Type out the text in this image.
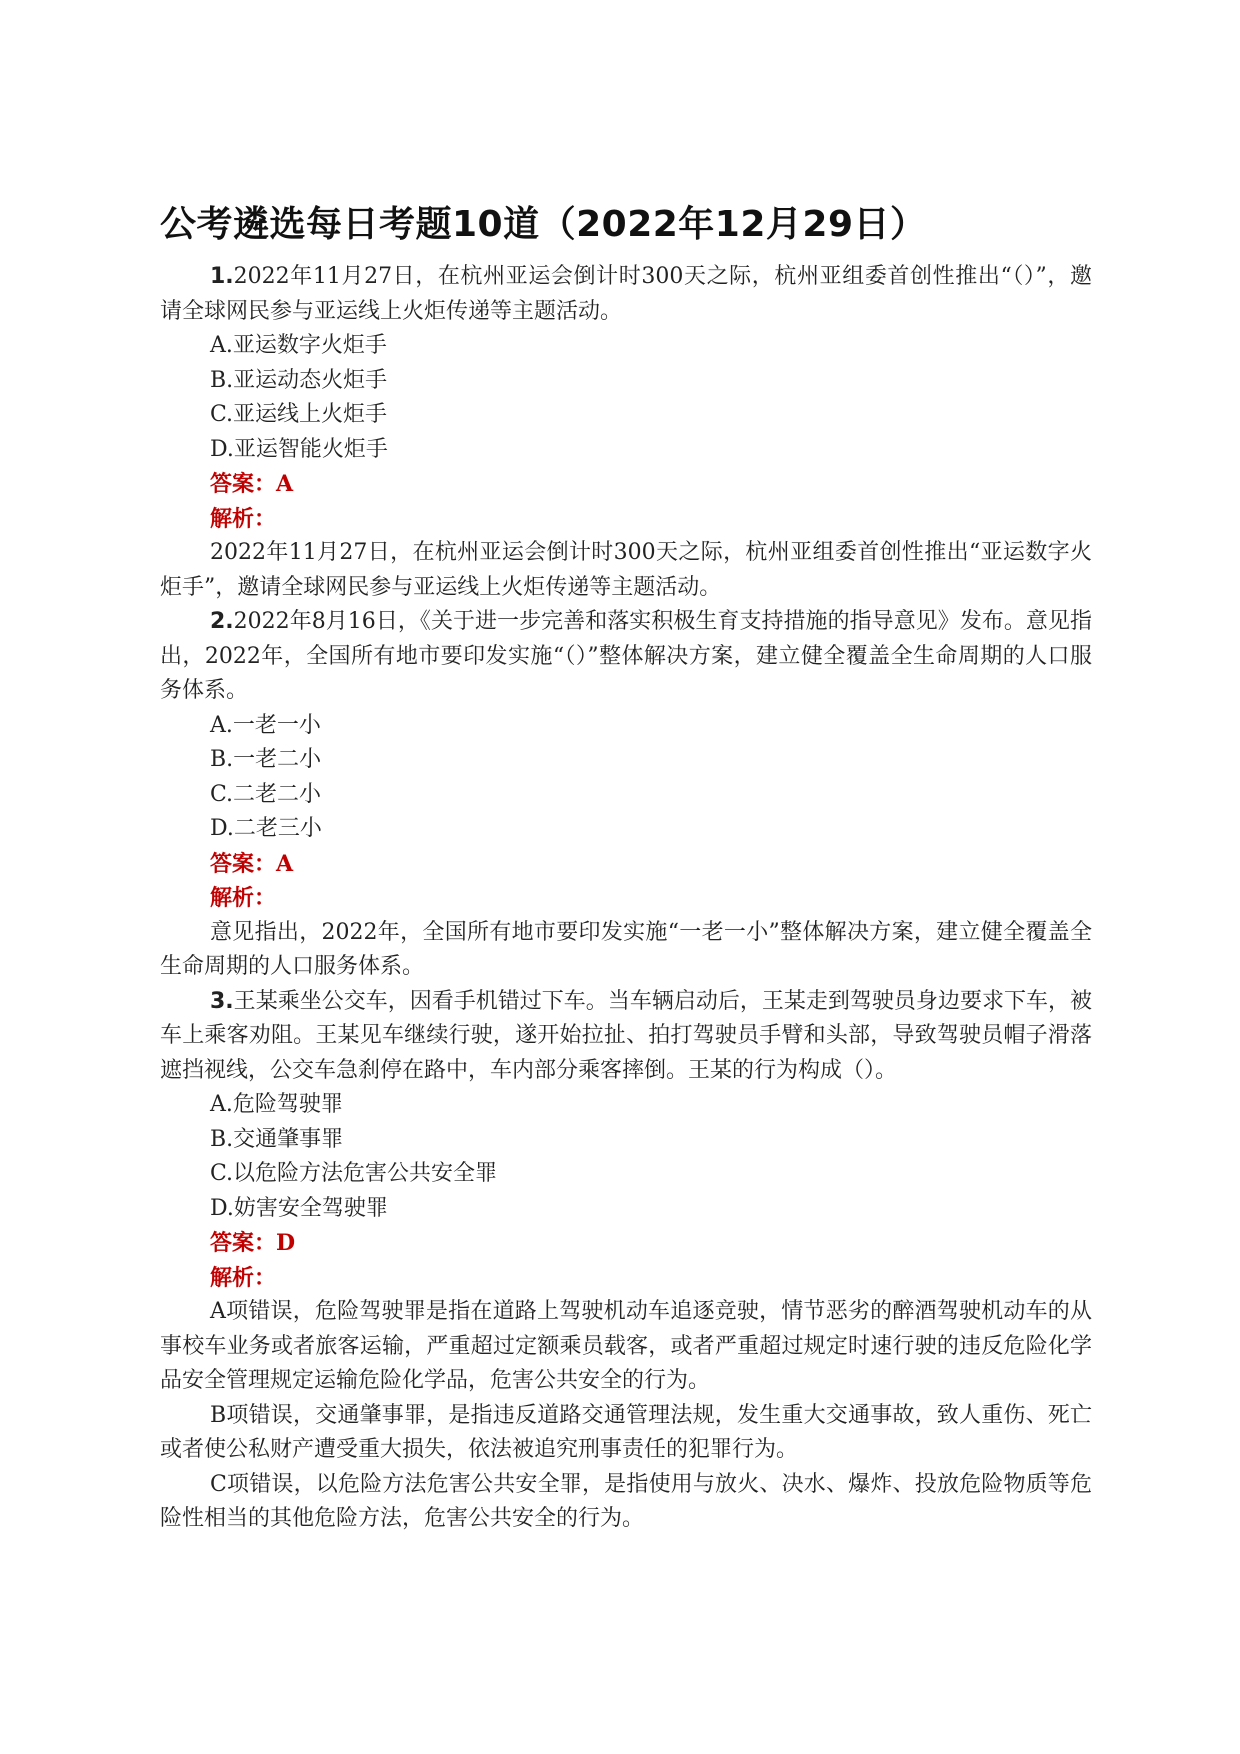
公考遴选每日考题10道（2022年12月29日）

1.2022年11月27日，在杭州亚运会倒计时300天之际，杭州亚组委首创性推出“（）”，邀请全球网民参与亚运线上火炬传递等主题活动。

A.亚运数字火炬手

B.亚运动态火炬手

C.亚运线上火炬手

D.亚运智能火炬手

答案：A

解析：

2022年11月27日，在杭州亚运会倒计时300天之际，杭州亚组委首创性推出“亚运数字火炬手”，邀请全球网民参与亚运线上火炬传递等主题活动。

2.2022年8月16日，《关于进一步完善和落实积极生育支持措施的指导意见》发布。意见指出，2022年，全国所有地市要印发实施“（）”整体解决方案，建立健全覆盖全生命周期的人口服务体系。

A.一老一小

B.一老二小

C.二老二小

D.二老三小

答案：A

解析：

意见指出，2022年，全国所有地市要印发实施“一老一小”整体解决方案，建立健全覆盖全生命周期的人口服务体系。

3.王某乘坐公交车，因看手机错过下车。当车辆启动后，王某走到驾驶员身边要求下车，被车上乘客劝阻。王某见车继续行驶，遂开始拉扯、拍打驾驶员手臂和头部，导致驾驶员帽子滑落遮挡视线，公交车急刹停在路中，车内部分乘客摔倒。王某的行为构成（）。

A.危险驾驶罪

B.交通肇事罪

C.以危险方法危害公共安全罪

D.妨害安全驾驶罪

答案：D

解析：

A项错误，危险驾驶罪是指在道路上驾驶机动车追逐竞驶，情节恶劣的醉酒驾驶机动车的从事校车业务或者旅客运输，严重超过定额乘员载客，或者严重超过规定时速行驶的违反危险化学品安全管理规定运输危险化学品，危害公共安全的行为。

B项错误，交通肇事罪，是指违反道路交通管理法规，发生重大交通事故，致人重伤、死亡或者使公私财产遭受重大损失，依法被追究刑事责任的犯罪行为。

C项错误，以危险方法危害公共安全罪，是指使用与放火、决水、爆炸、投放危险物质等危险性相当的其他危险方法，危害公共安全的行为。
